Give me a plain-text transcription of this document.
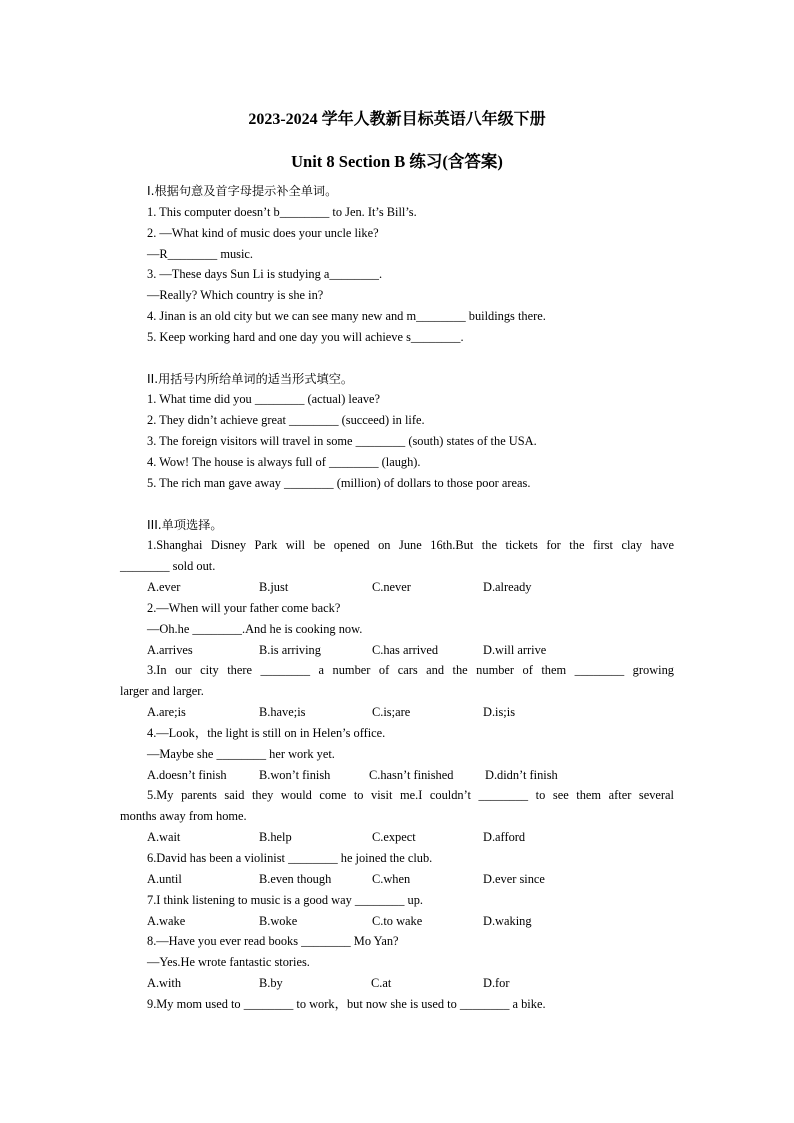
2023-2024 学年人教新目标英语八年级下册
Unit 8 Section B 练习(含答案)
I.根据句意及首字母提示补全单词。
1. This computer doesn’t b________ to Jen. It’s Bill’s.
2. —What kind of music does your uncle like?
—R________ music.
3. —These days Sun Li is studying a________.
—Really? Which country is she in?
4. Jinan is an old city but we can see many new and m________ buildings there.
5. Keep working hard and one day you will achieve s________.
II.用括号内所给单词的适当形式填空。
1. What time did you ________ (actual) leave?
2. They didn’t achieve great ________ (succeed) in life.
3. The foreign visitors will travel in some ________ (south) states of the USA.
4. Wow! The house is always full of ________ (laugh).
5. The rich man gave away ________ (million) of dollars to those poor areas.
III.单项选择。
1.Shanghai Disney Park will be opened on June 16th.But the tickets for the first clay have
________ sold out.
A.ever	B.just	C.never	D.already
2.—When will your father come back?
—Oh.he ________.And he is cooking now.
A.arrives	B.is arriving	C.has arrived	D.will arrive
3.In our city there ________ a number of cars and the number of them ________ growing
larger and larger.
A.are;is	B.have;is	C.is;are	D.is;is
4.—Look，the light is still on in Helen’s office.
—Maybe she ________ her work yet.
A.doesn’t finish	B.won’t finish	C.hasn’t finished	D.didn’t finish
5.My parents said they would come to visit me.I couldn’t ________ to see them after several
months away from home.
A.wait	B.help	C.expect	D.afford
6.David has been a violinist ________ he joined the club.
A.until	B.even though	C.when	D.ever since
7.I think listening to music is a good way ________ up.
A.wake	B.woke	C.to wake	D.waking
8.—Have you ever read books ________ Mo Yan?
—Yes.He wrote fantastic stories.
A.with	B.by	C.at	D.for
9.My mom used to ________ to work，but now she is used to ________ a bike.
